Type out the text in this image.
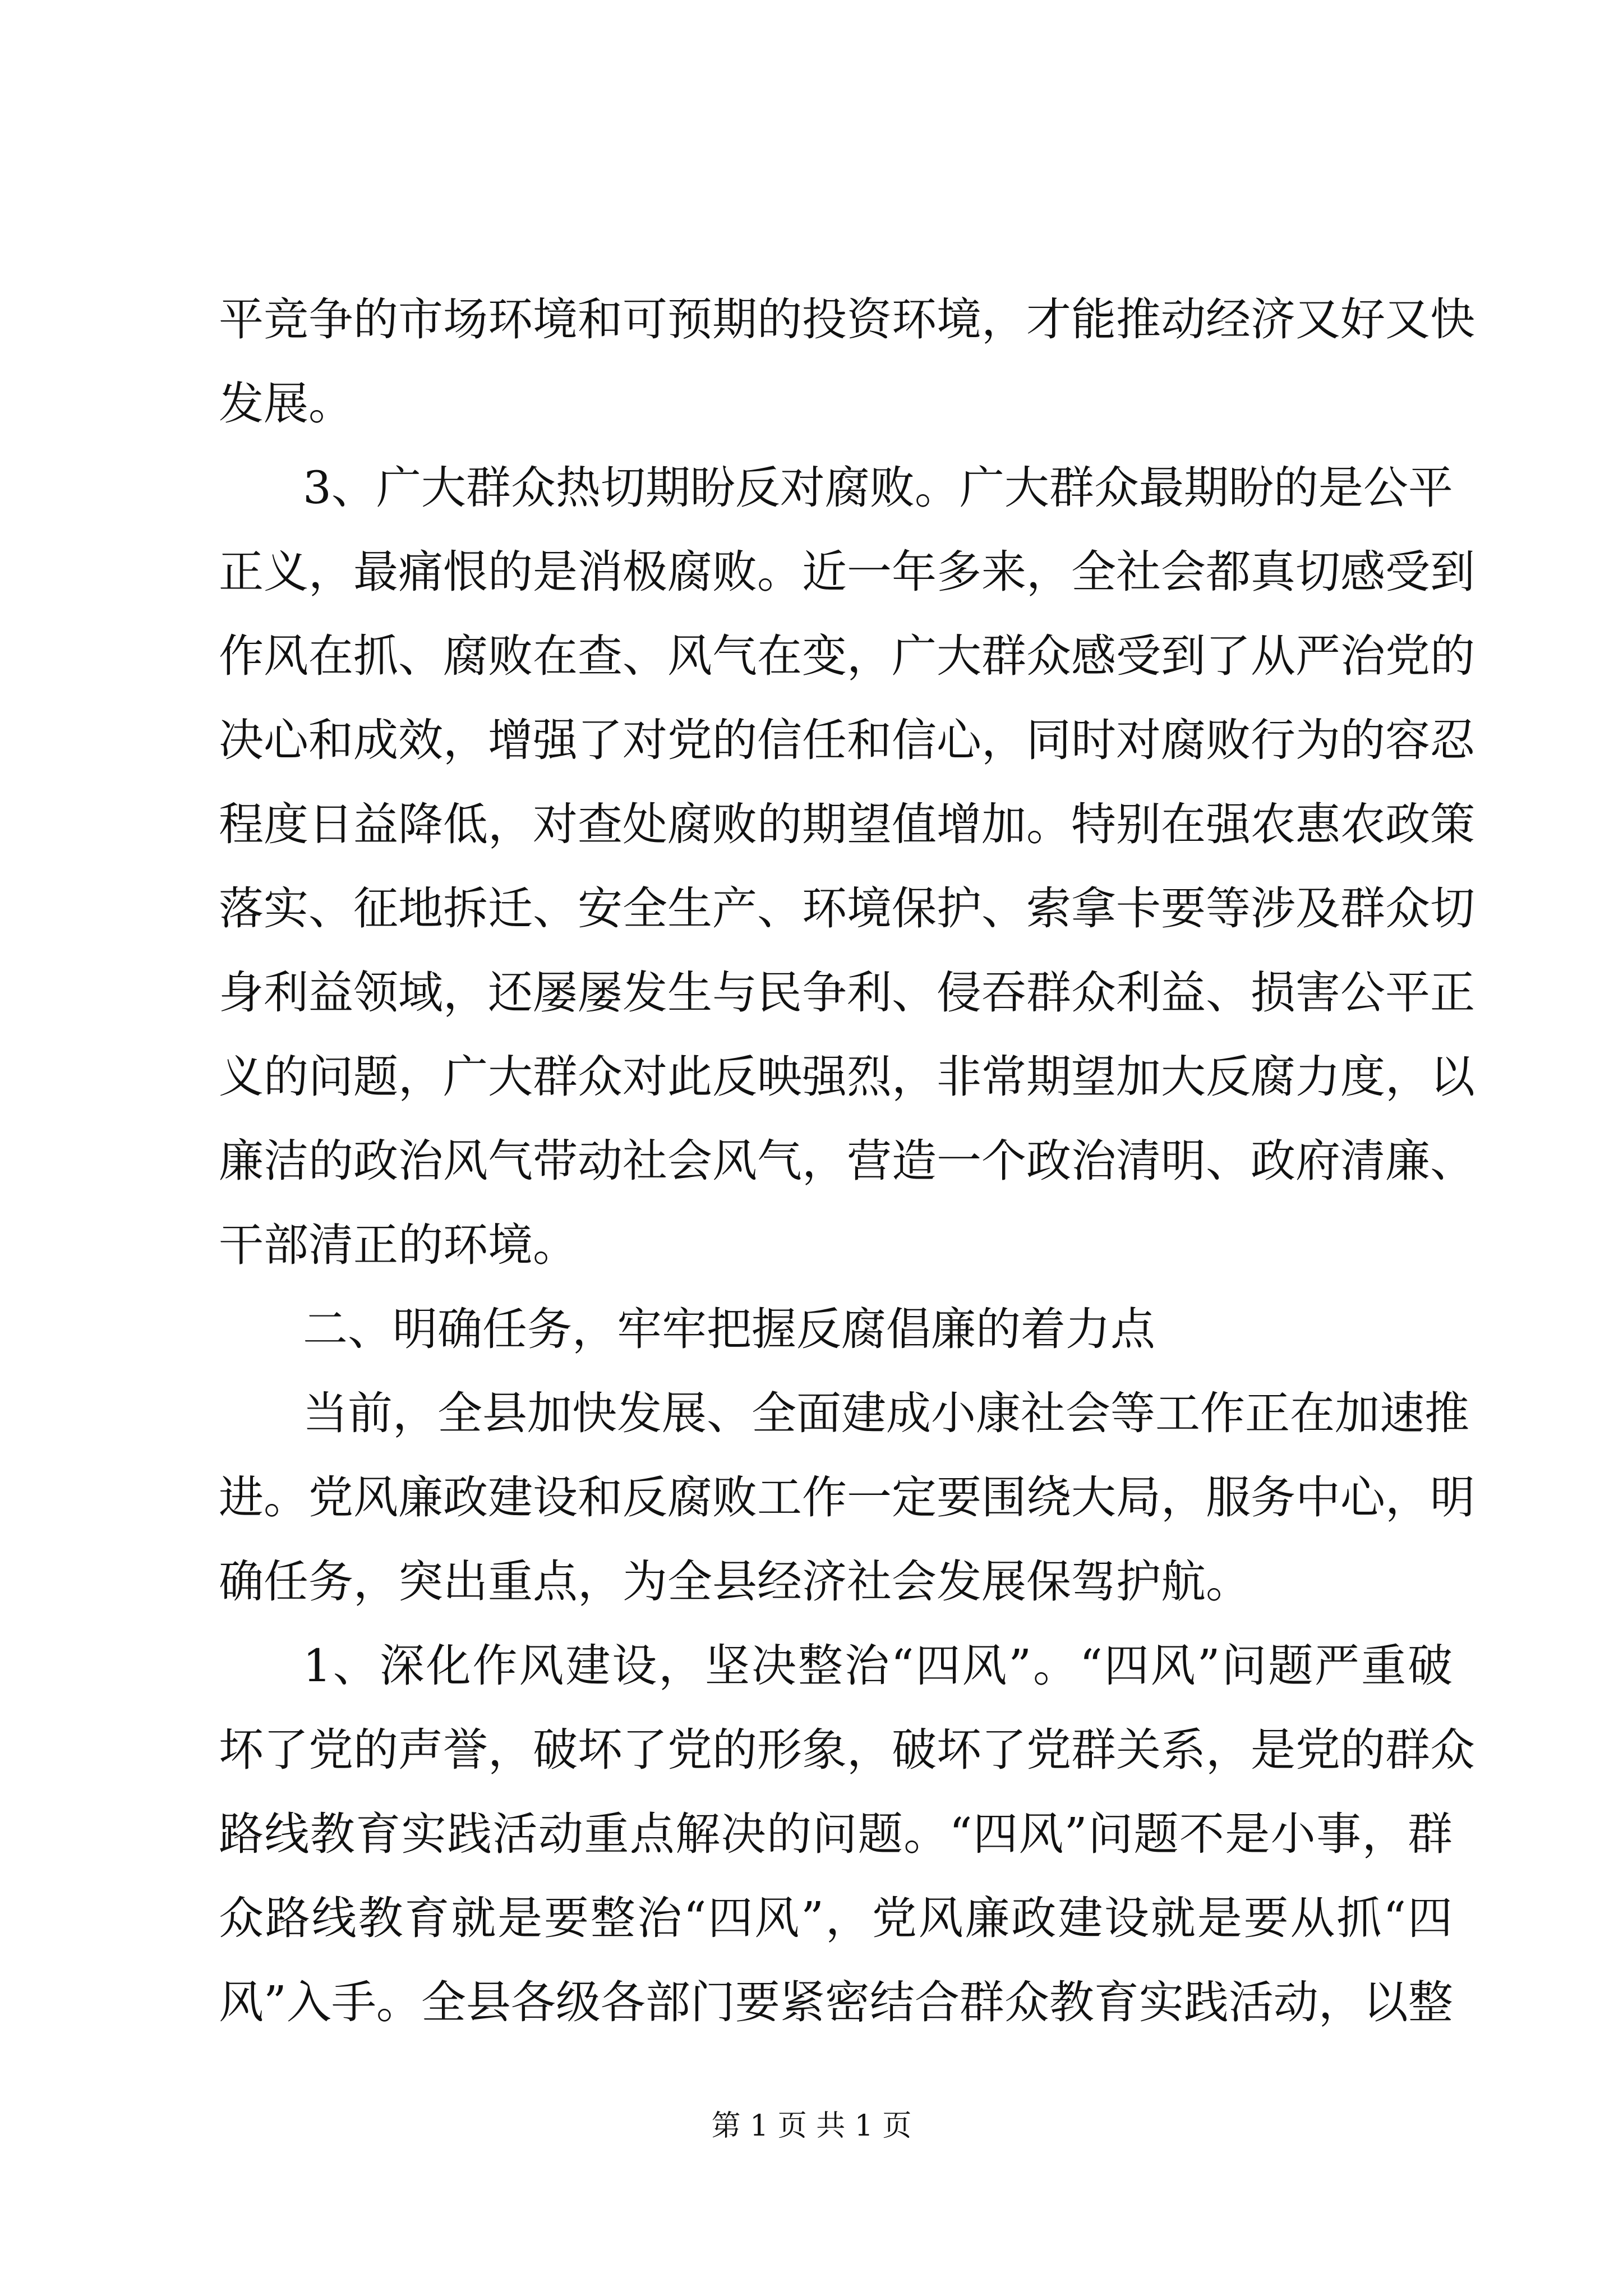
平竞争的市场环境和可预期的投资环境，才能推动经济又好又快
发展。
3、广大群众热切期盼反对腐败。广大群众最期盼的是公平
正义，最痛恨的是消极腐败。近一年多来，全社会都真切感受到
作风在抓、腐败在查、风气在变，广大群众感受到了从严治党的
决心和成效，增强了对党的信任和信心，同时对腐败行为的容忍
程度日益降低，对查处腐败的期望值增加。特别在强农惠农政策
落实、征地拆迁、安全生产、环境保护、索拿卡要等涉及群众切
身利益领域，还屡屡发生与民争利、侵吞群众利益、损害公平正
义的问题，广大群众对此反映强烈，非常期望加大反腐力度，以
廉洁的政治风气带动社会风气，营造一个政治清明、政府清廉、
干部清正的环境。
二、明确任务，牢牢把握反腐倡廉的着力点
当前，全县加快发展、全面建成小康社会等工作正在加速推
进。党风廉政建设和反腐败工作一定要围绕大局，服务中心，明
确任务，突出重点，为全县经济社会发展保驾护航。
1、深化作风建设，坚决整治“四风”。“四风”问题严重破
坏了党的声誉，破坏了党的形象，破坏了党群关系，是党的群众
路线教育实践活动重点解决的问题。“四风”问题不是小事，群
众路线教育就是要整治“四风”，党风廉政建设就是要从抓“四
风”入手。全县各级各部门要紧密结合群众教育实践活动，以整
第 1 页 共 1 页
